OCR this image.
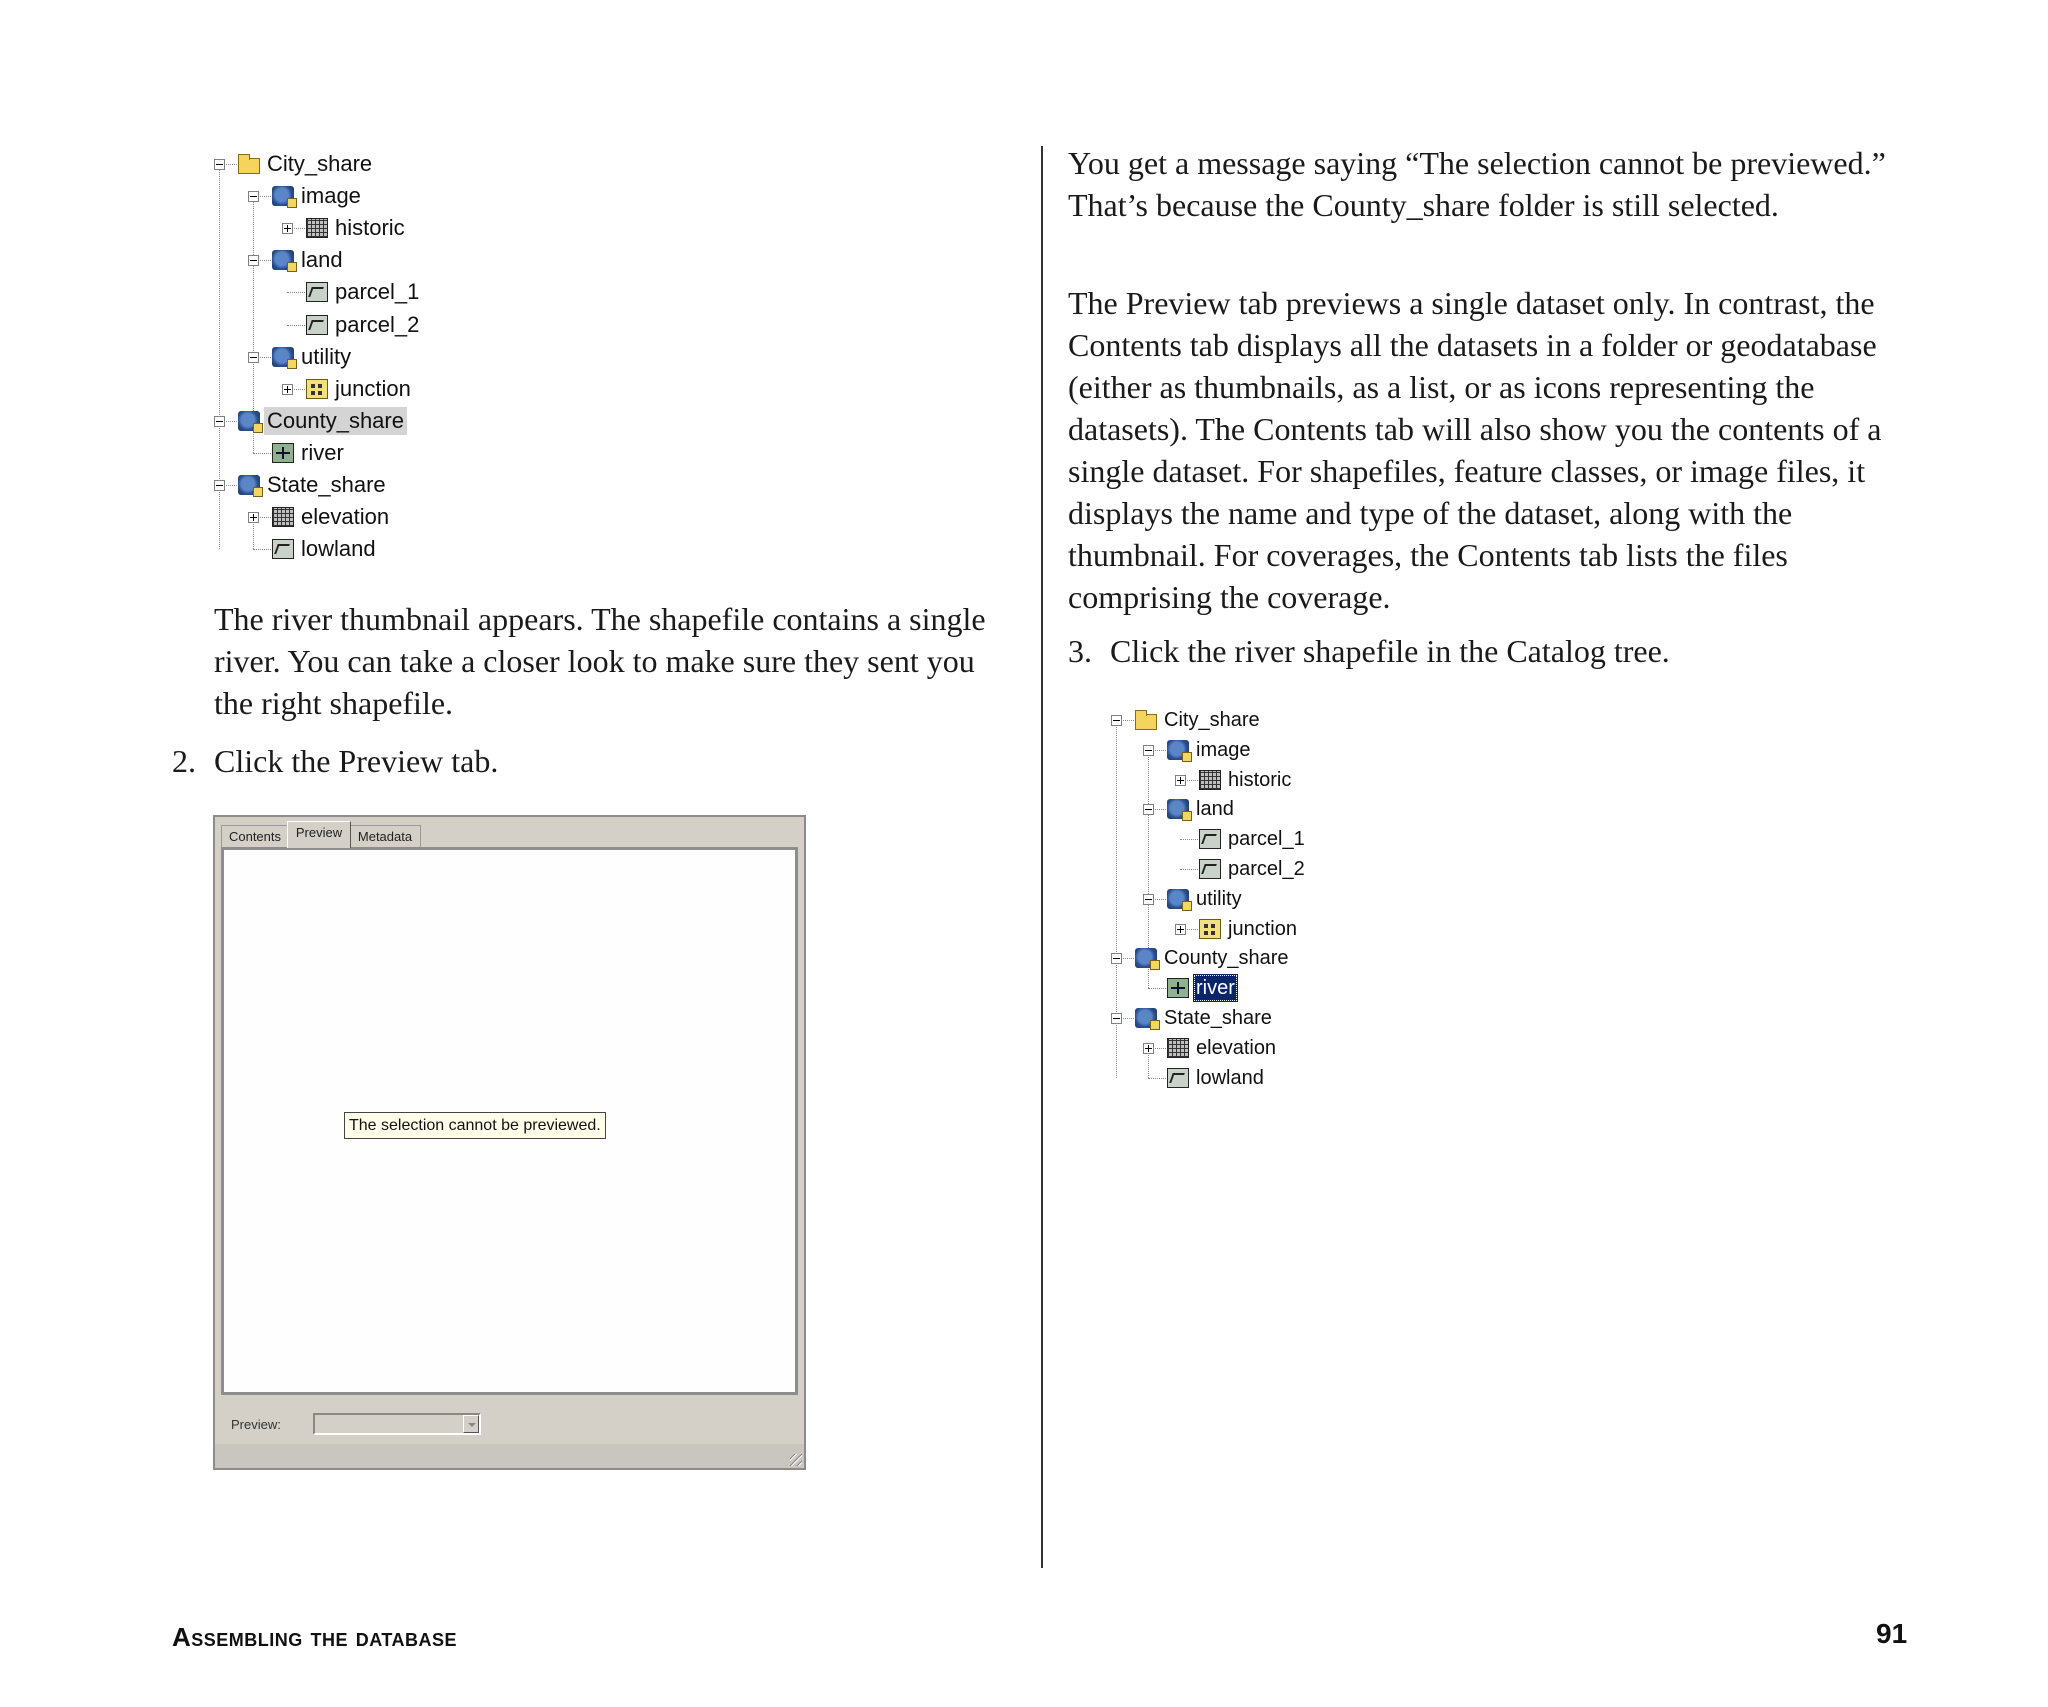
City_share
image
historic
land
parcel_1
parcel_2
utility
junction
County_share
river
State_share
elevation
lowland
City_share
image
historic
land
parcel_1
parcel_2
utility
junction
County_share
river
State_share
elevation
lowland
The river thumbnail appears. The shapefile contains a single river. You can take a closer look to make sure they sent you the right shapefile.
2. Click the Preview tab.
Contents	Preview	Metadata
Preview:
The selection cannot be previewed.
You get a message saying “The selection cannot be previewed.” That’s because the County_share folder is still selected.
The Preview tab previews a single dataset only. In contrast, the Contents tab displays all the datasets in a folder or geodatabase (either as thumbnails, as a list, or as icons representing the datasets). The Contents tab will also show you the contents of a single dataset. For shapefiles, feature classes, or image files, it displays the name and type of the dataset, along with the thumbnail. For coverages, the Contents tab lists the files comprising the coverage.
3. Click the river shapefile in the Catalog tree.
Assembling the database	91
